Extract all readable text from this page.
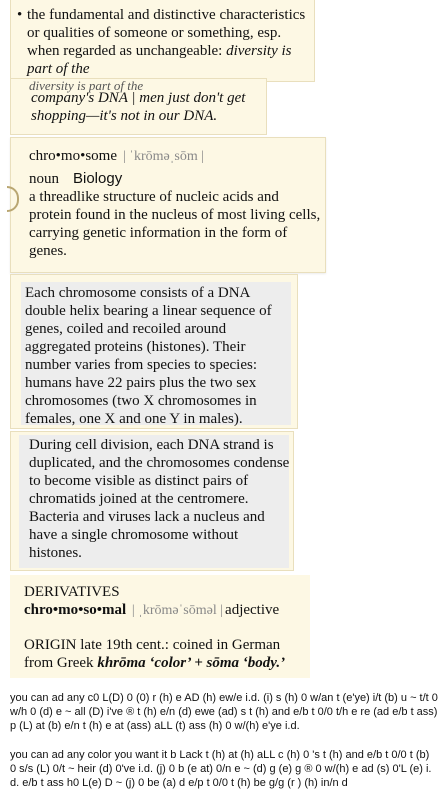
• the fundamental and distinctive characteristics or qualities of someone or something, esp. when regarded as unchangeable: diversity is part of the
diversity is part of the
company's DNA | men just don't get shopping—it's not in our DNA.
chro•mo•some | ˈkrōməˌsōm |
noun Biology
a threadlike structure of nucleic acids and protein found in the nucleus of most living cells, carrying genetic information in the form of genes.
Each chromosome consists of a DNA double helix bearing a linear sequence of genes, coiled and recoiled around aggregated proteins (histones). Their number varies from species to species: humans have 22 pairs plus the two sex chromosomes (two X chromosomes in females, one X and one Y in males).
During cell division, each DNA strand is duplicated, and the chromosomes condense to become visible as distinct pairs of chromatids joined at the centromere. Bacteria and viruses lack a nucleus and have a single chromosome without histones.
DERIVATIVES
chro•mo•so•mal | ˌkrōməˈsōməl | adjective
ORIGIN late 19th cent.: coined in German from Greek khrōma ‘color’ + sōma ‘body.’
you can ad any c0 L(D) 0 (0) r (h) e AD (h) ew/e i.d. (i) s (h) 0 w/an t (e'ye) i/t (b) u ~ t/t 0 w/h 0 (d) e ~ all (D) i've ® t (h) e/n (d) ewe (ad) s t (h) and e/b t 0/0 t/h e re (ad e/b t ass) p (L) at (b) e/n t (h) e at (ass) aLL (t) ass (h) 0 w/(h) e'ye i.d.
you can ad any color you want it b Lack t (h) at (h) aLL c (h) 0 's t (h) and e/b t 0/0 t (b) 0 s/s (L) 0/t ~ heir (d) 0've i.d. (j) 0 b (e at) 0/n e ~ (d) g (e) g ® 0 w/(h) e ad (s) 0'L (e) i.d. e/b t ass h0 L(e) D ~ (j) 0 be (a) d e/p t 0/0 t (h) be g/g (r ) (h) in/n d
